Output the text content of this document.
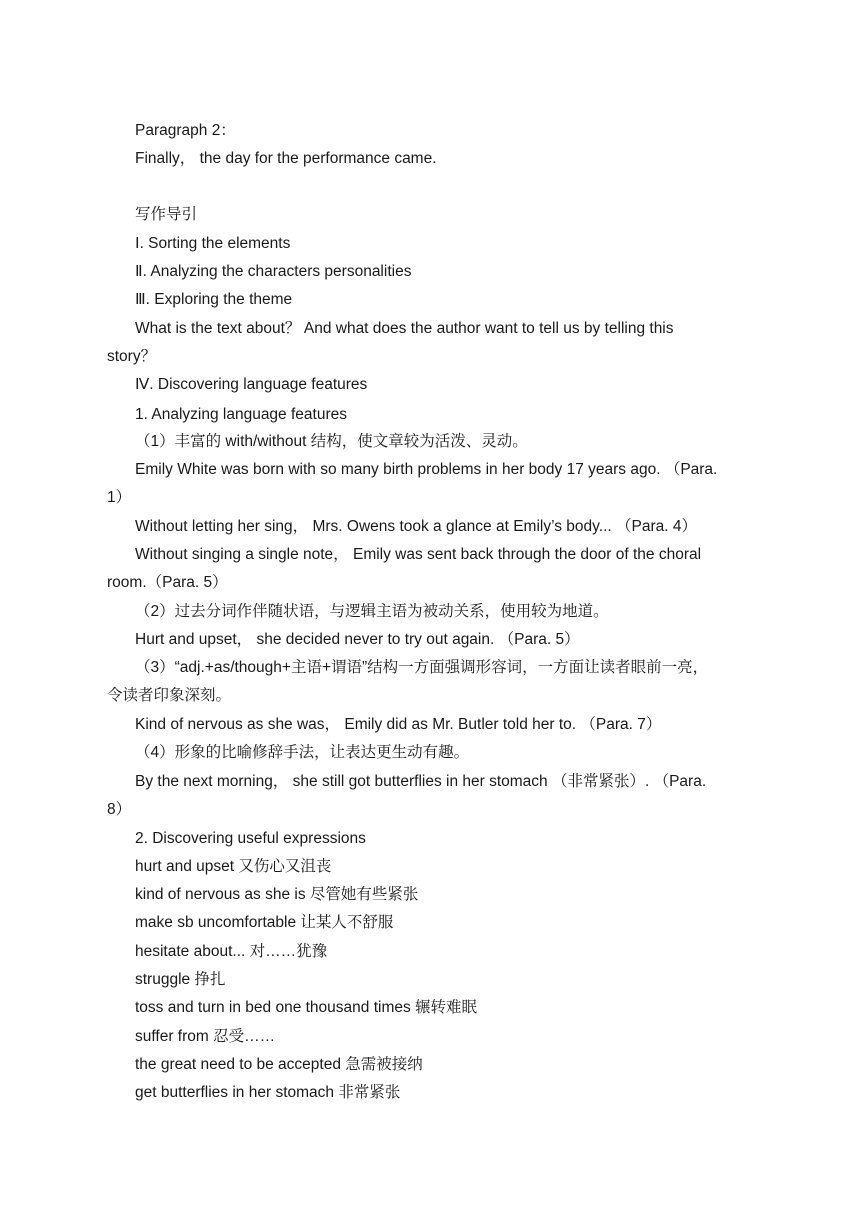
Paragraph 2：
Finally， the day for the performance came.
写作导引
Ⅰ. Sorting the elements
Ⅱ. Analyzing the characters personalities
Ⅲ. Exploring the theme
What is the text about？ And what does the author want to tell us by telling this
story？
Ⅳ. Discovering language features
1. Analyzing language features
（1）丰富的 with/without 结构，使文章较为活泼、灵动。
Emily White was born with so many birth problems in her body 17 years ago. （Para.
1）
Without letting her sing， Mrs. Owens took a glance at Emily’s body... （Para. 4）
Without singing a single note， Emily was sent back through the door of the choral
room.（Para. 5）
（2）过去分词作伴随状语，与逻辑主语为被动关系，使用较为地道。
Hurt and upset， she decided never to try out again. （Para. 5）
（3）“adj.+as/though+主语+谓语”结构一方面强调形容词，一方面让读者眼前一亮，
令读者印象深刻。
Kind of nervous as she was， Emily did as Mr. Butler told her to. （Para. 7）
（4）形象的比喻修辞手法，让表达更生动有趣。
By the next morning， she still got butterflies in her stomach （非常紧张）. （Para.
8）
2. Discovering useful expressions
hurt and upset 又伤心又沮丧
kind of nervous as she is 尽管她有些紧张
make sb uncomfortable 让某人不舒服
hesitate about... 对……犹豫
struggle 挣扎
toss and turn in bed one thousand times 辗转难眠
suffer from 忍受……
the great need to be accepted 急需被接纳
get butterflies in her stomach 非常紧张
